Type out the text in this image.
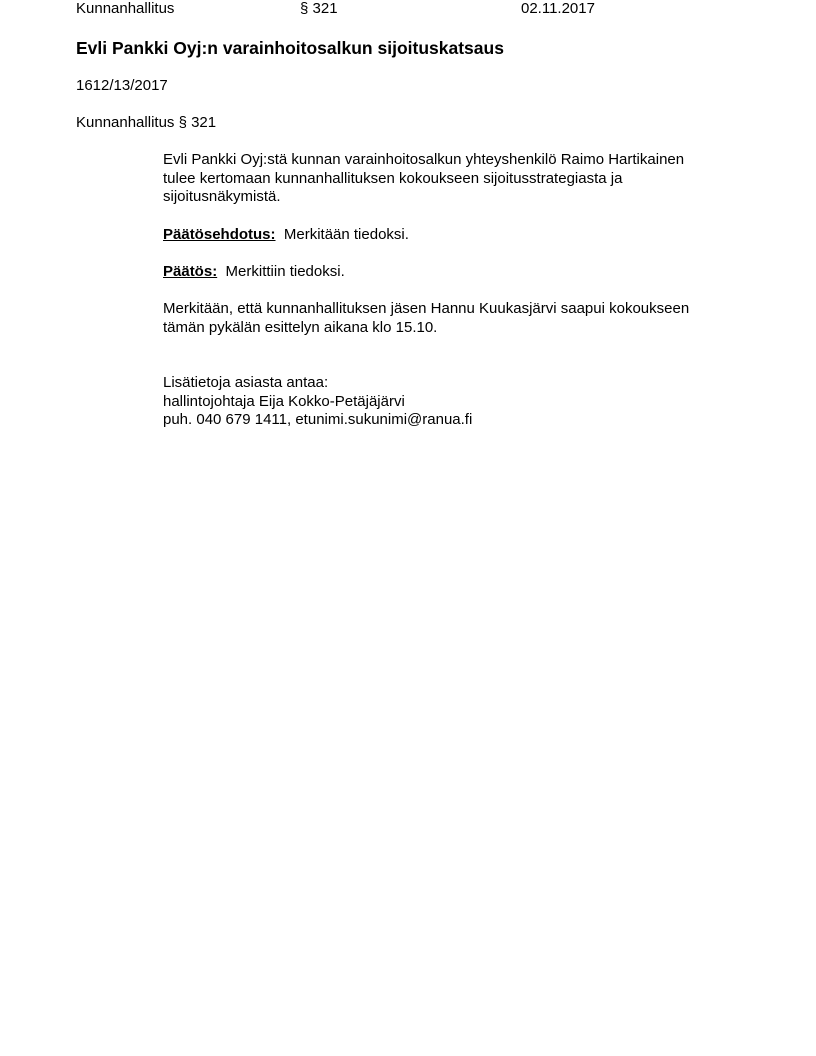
Kunnanhallitus	§ 321	02.11.2017
Evli Pankki Oyj:n varainhoitosalkun sijoituskatsaus
1612/13/2017
Kunnanhallitus § 321
Evli Pankki Oyj:stä kunnan varainhoitosalkun yhteyshenkilö Raimo Hartikainen
tulee kertomaan kunnanhallituksen kokoukseen sijoitusstrategiasta ja
sijoitusnäkymistä.
Päätösehdotus: Merkitään tiedoksi.
Päätös: Merkittiin tiedoksi.
Merkitään, että kunnanhallituksen jäsen Hannu Kuukasjärvi saapui kokoukseen
tämän pykälän esittelyn aikana klo 15.10.
Lisätietoja asiasta antaa:
hallintojohtaja Eija Kokko-Petäjäjärvi
puh. 040 679 1411, etunimi.sukunimi@ranua.fi
